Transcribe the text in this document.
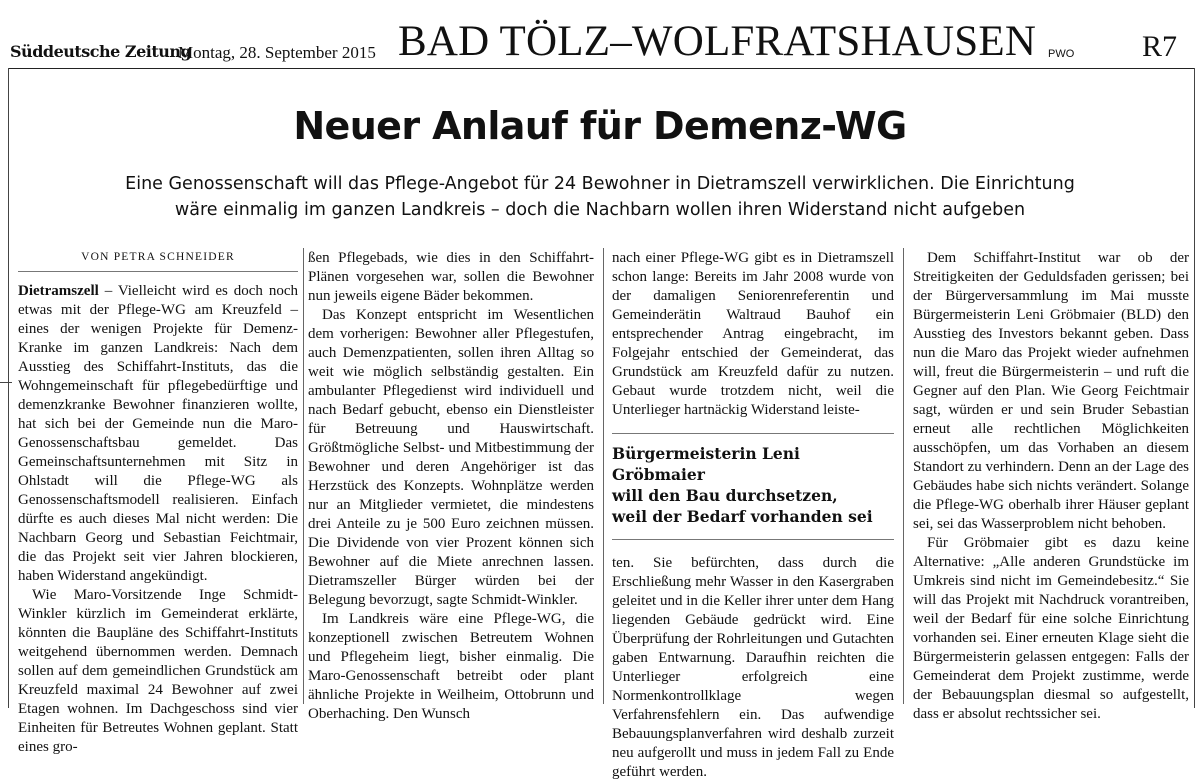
Süddeutsche Zeitung
Montag, 28. September 2015 BAD TÖLZ–WOLFRATSHAUSEN PWO R7
Neuer Anlauf für Demenz-WG
Eine Genossenschaft will das Pflege-Angebot für 24 Bewohner in Dietramszell verwirklichen. Die Einrichtung
wäre einmalig im ganzen Landkreis – doch die Nachbarn wollen ihren Widerstand nicht aufgeben
VON PETRA SCHNEIDER

Dietramszell – Vielleicht wird es doch noch etwas mit der Pflege-WG am Kreuzfeld – eines der wenigen Projekte für Demenz-Kranke im ganzen Landkreis: Nach dem Ausstieg des Schiffahrt-Instituts, das die Wohngemeinschaft für pflegebedürftige und demenzkranke Bewohner finanzieren wollte, hat sich bei der Gemeinde nun die Maro-Genossenschaftsbau gemeldet. Das Gemeinschaftsunternehmen mit Sitz in Ohlstadt will die Pflege-WG als Genossenschaftsmodell realisieren. Einfach dürfte es auch dieses Mal nicht werden: Die Nachbarn Georg und Sebastian Feichtmair, die das Projekt seit vier Jahren blockieren, haben Widerstand angekündigt.

Wie Maro-Vorsitzende Inge Schmidt-Winkler kürzlich im Gemeinderat erklärte, könnten die Baupläne des Schiffahrt-Instituts weitgehend übernommen werden. Demnach sollen auf dem gemeindlichen Grundstück am Kreuzfeld maximal 24 Bewohner auf zwei Etagen wohnen. Im Dachgeschoss sind vier Einheiten für Betreutes Wohnen geplant. Statt eines gro-

ßen Pflegebads, wie dies in den Schiffahrt-Plänen vorgesehen war, sollen die Bewohner nun jeweils eigene Bäder bekommen.

Das Konzept entspricht im Wesentlichen dem vorherigen: Bewohner aller Pflegestufen, auch Demenzpatienten, sollen ihren Alltag so weit wie möglich selbständig gestalten. Ein ambulanter Pflegedienst wird individuell und nach Bedarf gebucht, ebenso ein Dienstleister für Betreuung und Hauswirtschaft. Größtmögliche Selbst- und Mitbestimmung der Bewohner und deren Angehöriger ist das Herzstück des Konzepts. Wohnplätze werden nur an Mitglieder vermietet, die mindestens drei Anteile zu je 500 Euro zeichnen müssen. Die Dividende von vier Prozent können sich Bewohner auf die Miete anrechnen lassen. Dietramszeller Bürger würden bei der Belegung bevorzugt, sagte Schmidt-Winkler.

Im Landkreis wäre eine Pflege-WG, die konzeptionell zwischen Betreutem Wohnen und Pflegeheim liegt, bisher einmalig. Die Maro-Genossenschaft betreibt oder plant ähnliche Projekte in Weilheim, Ottobrunn und Oberhaching. Den Wunsch

nach einer Pflege-WG gibt es in Dietramszell schon lange: Bereits im Jahr 2008 wurde von der damaligen Seniorenreferentin und Gemeinderätin Waltraud Bauhof ein entsprechender Antrag eingebracht, im Folgejahr entschied der Gemeinderat, das Grundstück am Kreuzfeld dafür zu nutzen. Gebaut wurde trotzdem nicht, weil die Unterlieger hartnäckig Widerstand leiste-

Bürgermeisterin Leni Gröbmaier
will den Bau durchsetzen,
weil der Bedarf vorhanden sei

ten. Sie befürchten, dass durch die Erschließung mehr Wasser in den Kasergraben geleitet und in die Keller ihrer unter dem Hang liegenden Gebäude gedrückt wird. Eine Überprüfung der Rohrleitungen und Gutachten gaben Entwarnung. Daraufhin reichten die Unterlieger erfolgreich eine Normenkontrollklage wegen Verfahrensfehlern ein. Das aufwendige Bebauungsplanverfahren wird deshalb zurzeit neu aufgerollt und muss in jedem Fall zu Ende geführt werden.

Dem Schiffahrt-Institut war ob der Streitigkeiten der Geduldsfaden gerissen; bei der Bürgerversammlung im Mai musste Bürgermeisterin Leni Gröbmaier (BLD) den Ausstieg des Investors bekannt geben. Dass nun die Maro das Projekt wieder aufnehmen will, freut die Bürgermeisterin – und ruft die Gegner auf den Plan. Wie Georg Feichtmair sagt, würden er und sein Bruder Sebastian erneut alle rechtlichen Möglichkeiten ausschöpfen, um das Vorhaben an diesem Standort zu verhindern. Denn an der Lage des Gebäudes habe sich nichts verändert. Solange die Pflege-WG oberhalb ihrer Häuser geplant sei, sei das Wasserproblem nicht behoben.

Für Gröbmaier gibt es dazu keine Alternative: „Alle anderen Grundstücke im Umkreis sind nicht im Gemeindebesitz.“ Sie will das Projekt mit Nachdruck vorantreiben, weil der Bedarf für eine solche Einrichtung vorhanden sei. Einer erneuten Klage sieht die Bürgermeisterin gelassen entgegen: Falls der Gemeinderat dem Projekt zustimme, werde der Bebauungsplan diesmal so aufgestellt, dass er absolut rechtssicher sei.
